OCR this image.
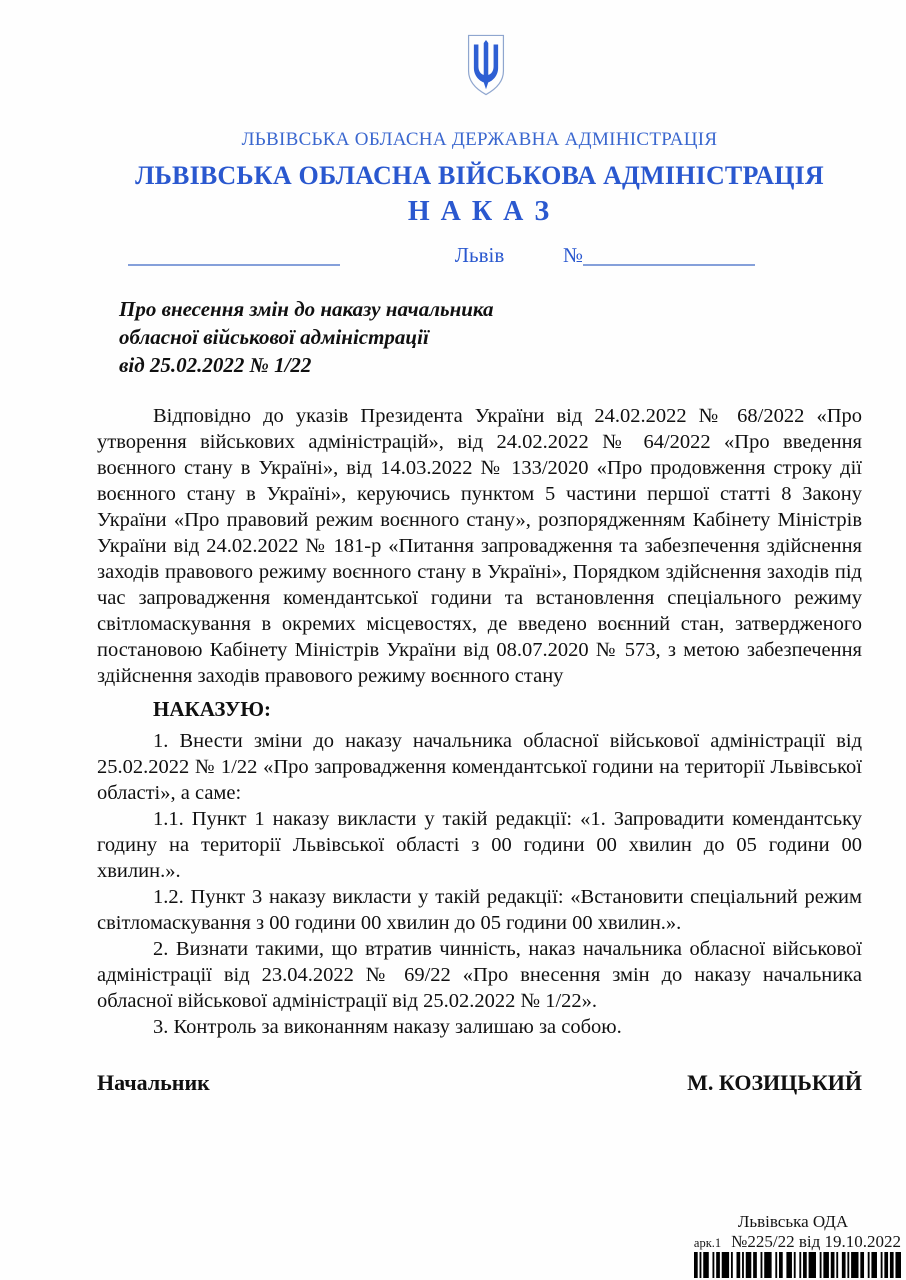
ЛЬВІВСЬКА ОБЛАСНА ДЕРЖАВНА АДМІНІСТРАЦІЯ
ЛЬВІВСЬКА ОБЛАСНА ВІЙСЬКОВА АДМІНІСТРАЦІЯ
Н А К А З
Львів	№
Про внесення змін до наказу начальника
обласної військової адміністрації
від 25.02.2022 № 1/22

Відповідно до указів Президента України від 24.02.2022 № 68/2022 «Про утворення військових адміністрацій», від 24.02.2022 № 64/2022 «Про введення воєнного стану в Україні», від 14.03.2022 № 133/2020 «Про продовження строку дії воєнного стану в Україні», керуючись пунктом 5 частини першої статті 8 Закону України «Про правовий режим воєнного стану», розпорядженням Кабінету Міністрів України від 24.02.2022 № 181-р «Питання запровадження та забезпечення здійснення заходів правового режиму воєнного стану в Україні», Порядком здійснення заходів під час запровадження комендантської години та встановлення спеціального режиму світломаскування в окремих місцевостях, де введено воєнний стан, затвердженого постановою Кабінету Міністрів України від 08.07.2020 № 573, з метою забезпечення здійснення заходів правового режиму воєнного стану

НАКАЗУЮ:

1. Внести зміни до наказу начальника обласної військової адміністрації від 25.02.2022 № 1/22 «Про запровадження комендантської години на території Львівської області», а саме:

1.1. Пункт 1 наказу викласти у такій редакції: «1. Запровадити комендантську годину на території Львівської області з 00 години 00 хвилин до 05 години 00 хвилин.».

1.2. Пункт 3 наказу викласти у такій редакції: «Встановити спеціальний режим світломаскування з 00 години 00 хвилин до 05 години 00 хвилин.».

2. Визнати такими, що втратив чинність, наказ начальника обласної військової адміністрації від 23.04.2022 № 69/22 «Про внесення змін до наказу начальника обласної військової адміністрації від 25.02.2022 № 1/22».

3. Контроль за виконанням наказу залишаю за собою.

Начальник	М. КОЗИЦЬКИЙ
Львівська ОДА
арк.1 №225/22 від 19.10.2022
